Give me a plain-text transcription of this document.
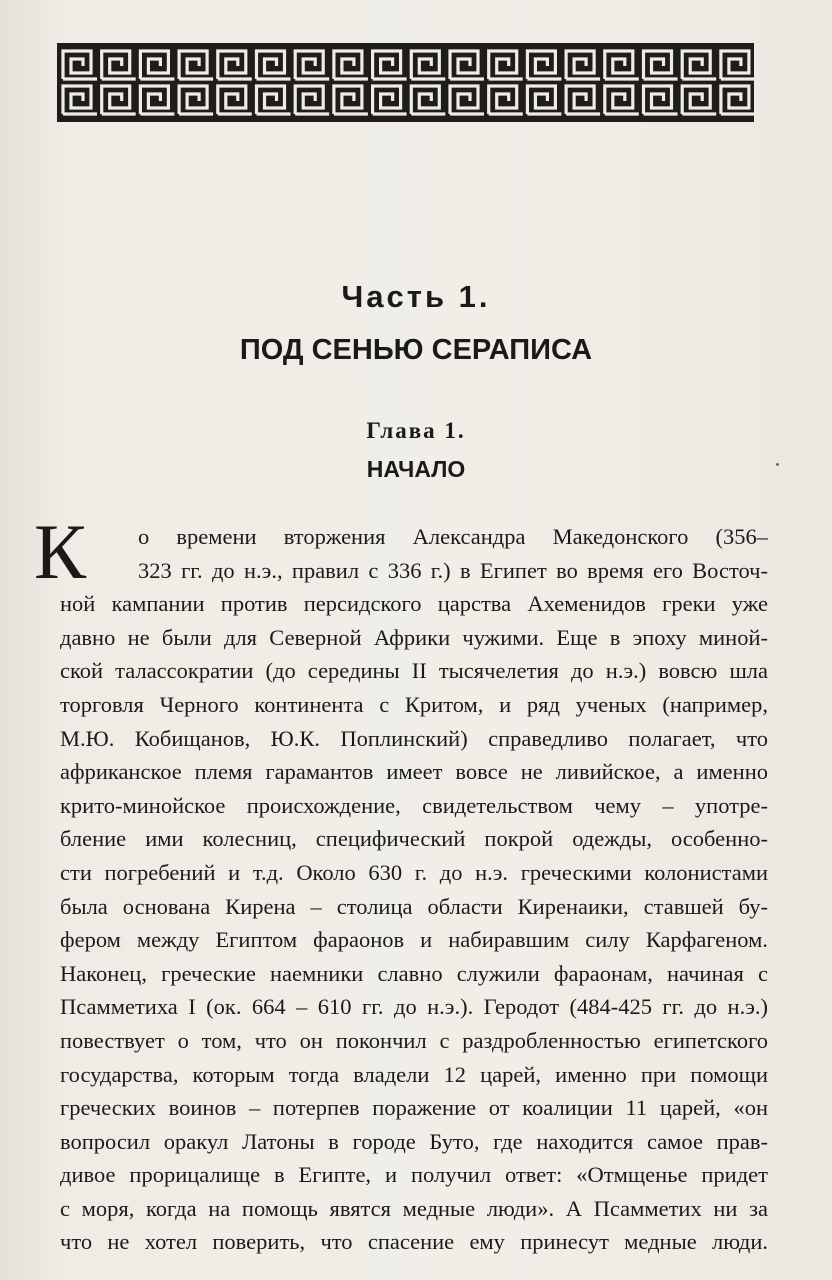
Часть 1.
ПОД СЕНЬЮ СЕРАПИСА
Глава 1.
НАЧАЛО
К	о времени вторжения Александра Македонского (356–
323 гг. до н.э., правил с 336 г.) в Египет во время его Восточ-
ной кампании против персидского царства Ахеменидов греки уже
давно не были для Северной Африки чужими. Еще в эпоху миной-
ской талассократии (до середины II тысячелетия до н.э.) вовсю шла
торговля Черного континента с Критом, и ряд ученых (например,
М.Ю. Кобищанов, Ю.К. Поплинский) справедливо полагает, что
африканское племя гарамантов имеет вовсе не ливийское, а именно
крито-минойское происхождение, свидетельством чему – употре-
бление ими колесниц, специфический покрой одежды, особенно-
сти погребений и т.д. Около 630 г. до н.э. греческими колонистами
была основана Кирена – столица области Киренаики, ставшей бу-
фером между Египтом фараонов и набиравшим силу Карфагеном.
Наконец, греческие наемники славно служили фараонам, начиная с
Псамметиха I (ок. 664 – 610 гг. до н.э.). Геродот (484-425 гг. до н.э.)
повествует о том, что он покончил с раздробленностью египетского
государства, которым тогда владели 12 царей, именно при помощи
греческих воинов – потерпев поражение от коалиции 11 царей, «он
вопросил оракул Латоны в городе Буто, где находится самое прав-
дивое прорицалище в Египте, и получил ответ: «Отмщенье придет
с моря, когда на помощь явятся медные люди». А Псамметих ни за
что не хотел поверить, что спасение ему принесут медные люди.
